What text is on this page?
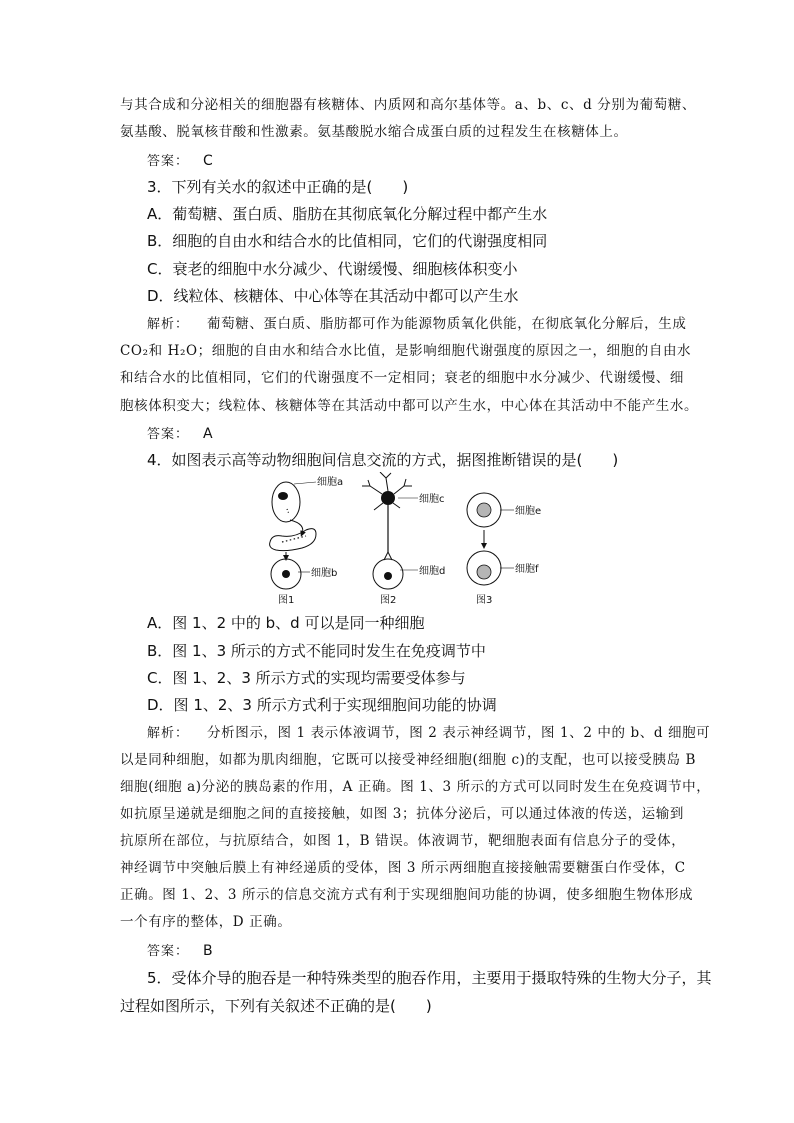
与其合成和分泌相关的细胞器有核糖体、内质网和高尔基体等。a、b、c、d 分别为葡萄糖、
氨基酸、脱氧核苷酸和性激素。氨基酸脱水缩合成蛋白质的过程发生在核糖体上。
答案： C
3．下列有关水的叙述中正确的是(　　)
A．葡萄糖、蛋白质、脂肪在其彻底氧化分解过程中都产生水
B．细胞的自由水和结合水的比值相同，它们的代谢强度相同
C．衰老的细胞中水分减少、代谢缓慢、细胞核体积变小
D．线粒体、核糖体、中心体等在其活动中都可以产生水
解析： 葡萄糖、蛋白质、脂肪都可作为能源物质氧化供能，在彻底氧化分解后，生成
CO₂和 H₂O；细胞的自由水和结合水比值，是影响细胞代谢强度的原因之一，细胞的自由水
和结合水的比值相同，它们的代谢强度不一定相同；衰老的细胞中水分减少、代谢缓慢、细
胞核体积变大；线粒体、核糖体等在其活动中都可以产生水，中心体在其活动中不能产生水。
答案： A
4．如图表示高等动物细胞间信息交流的方式，据图推断错误的是(　　)
细胞a
细胞b
图1
细胞c
细胞d
图2
细胞e
细胞f
图3
A．图 1、2 中的 b、d 可以是同一种细胞
B．图 1、3 所示的方式不能同时发生在免疫调节中
C．图 1、2、3 所示方式的实现均需要受体参与
D．图 1、2、3 所示方式利于实现细胞间功能的协调
解析： 分析图示，图 1 表示体液调节，图 2 表示神经调节，图 1、2 中的 b、d 细胞可
以是同种细胞，如都为肌肉细胞，它既可以接受神经细胞(细胞 c)的支配，也可以接受胰岛 B
细胞(细胞 a)分泌的胰岛素的作用，A 正确。图 1、3 所示的方式可以同时发生在免疫调节中，
如抗原呈递就是细胞之间的直接接触，如图 3；抗体分泌后，可以通过体液的传送，运输到
抗原所在部位，与抗原结合，如图 1，B 错误。体液调节，靶细胞表面有信息分子的受体，
神经调节中突触后膜上有神经递质的受体，图 3 所示两细胞直接接触需要糖蛋白作受体，C
正确。图 1、2、3 所示的信息交流方式有利于实现细胞间功能的协调，使多细胞生物体形成
一个有序的整体，D 正确。
答案： B
5．受体介导的胞吞是一种特殊类型的胞吞作用，主要用于摄取特殊的生物大分子，其
过程如图所示，下列有关叙述不正确的是(　　)
